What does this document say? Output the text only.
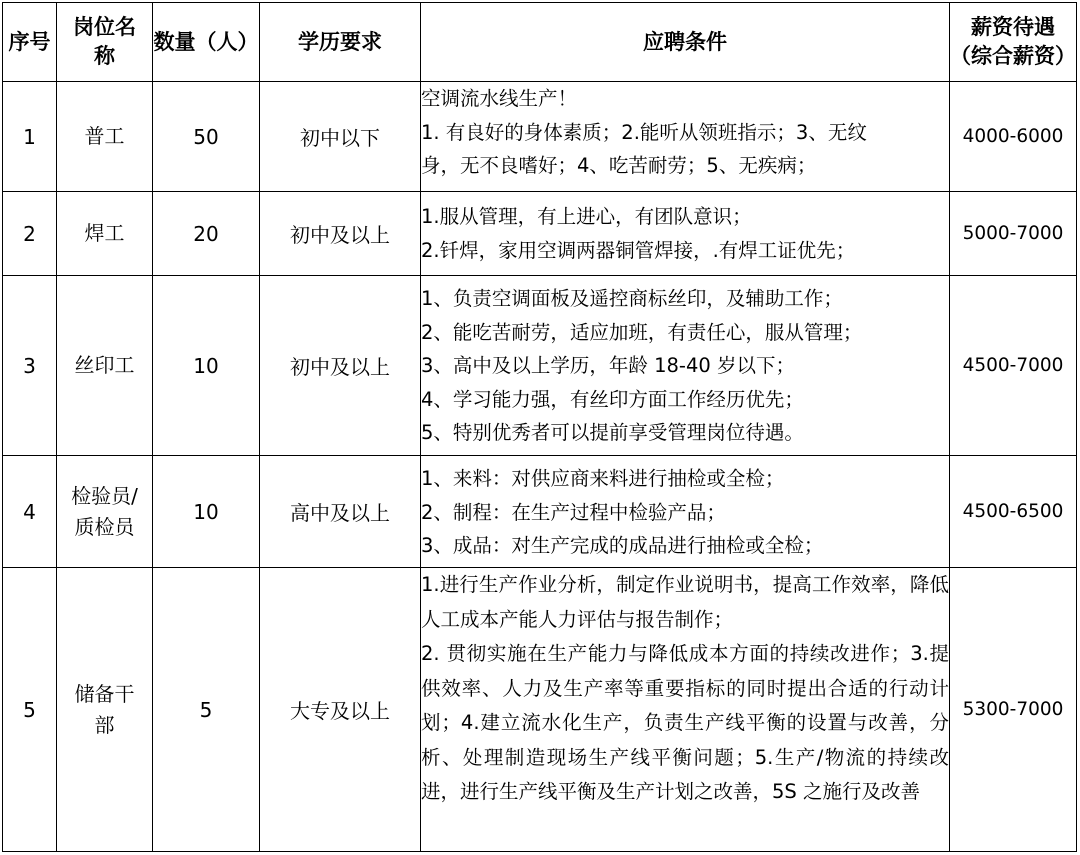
序号	岗位名称	数量（人）	学历要求	应聘条件	薪资待遇
（综合薪资）

1	普工	50	初中以下	空调流水线生产！
1. 有良好的身体素质；2.能听从领班指示；3、无纹
身，无不良嗜好；4、吃苦耐劳；5、无疾病；	4000-6000
2	焊工	20	初中及以上	1.服从管理，有上进心，有团队意识；
2.钎焊，家用空调两器铜管焊接，.有焊工证优先；	5000-7000
3	丝印工	10	初中及以上	1、负责空调面板及遥控商标丝印，及辅助工作；
2、能吃苦耐劳，适应加班，有责任心，服从管理；
3、高中及以上学历，年龄 18-40 岁以下；
4、学习能力强，有丝印方面工作经历优先；
5、特别优秀者可以提前享受管理岗位待遇。	4500-7000
4	检验员/质检员	10	高中及以上	1、来料：对供应商来料进行抽检或全检；
2、制程：在生产过程中检验产品；
3、成品：对生产完成的成品进行抽检或全检；	4500-6500
5	储备干部	5	大专及以上	1.进行生产作业分析，制定作业说明书，提高工作效率，降低人工成本产能人力评估与报告制作；
2. 贯彻实施在生产能力与降低成本方面的持续改进作；3.提供效率、人力及生产率等重要指标的同时提出合适的行动计划；4.建立流水化生产，负责生产线平衡的设置与改善，分析、处理制造现场生产线平衡问题；5.生产/物流的持续改进，进行生产线平衡及生产计划之改善，5S 之施行及改善	5300-7000
